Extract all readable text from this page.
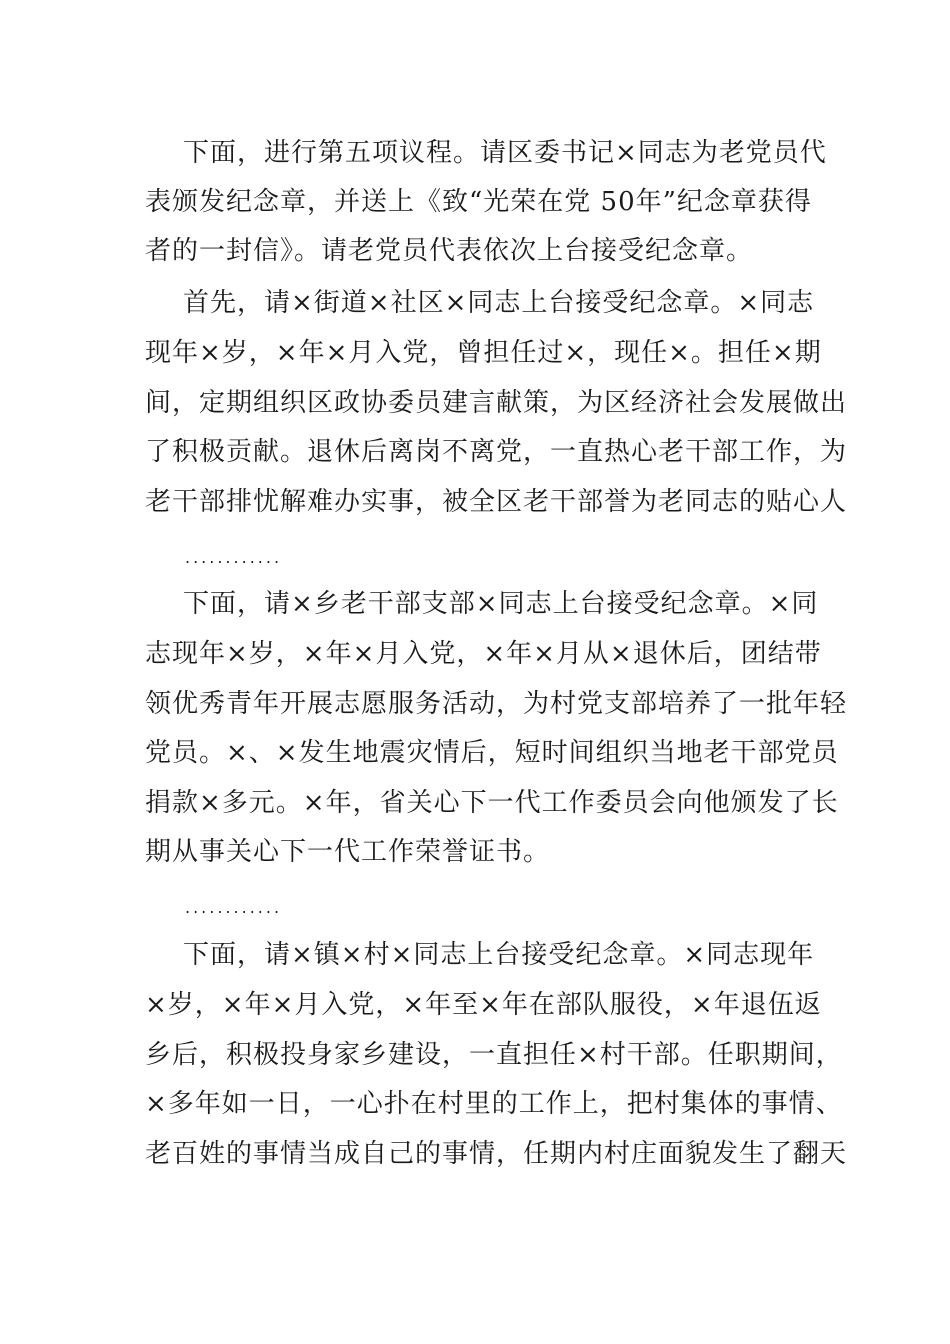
下面，进行第五项议程。请区委书记×同志为老党员代
表颁发纪念章，并送上《致“光荣在党 50年”纪念章获得
者的一封信》。请老党员代表依次上台接受纪念章。
首先，请×街道×社区×同志上台接受纪念章。×同志
现年×岁，×年×月入党，曾担任过×，现任×。担任×期
间，定期组织区政协委员建言献策，为区经济社会发展做出
了积极贡献。退休后离岗不离党，一直热心老干部工作，为
老干部排忧解难办实事，被全区老干部誉为老同志的贴心人
............
下面，请×乡老干部支部×同志上台接受纪念章。×同
志现年×岁，×年×月入党，×年×月从×退休后，团结带
领优秀青年开展志愿服务活动，为村党支部培养了一批年轻
党员。×、×发生地震灾情后，短时间组织当地老干部党员
捐款×多元。×年，省关心下一代工作委员会向他颁发了长
期从事关心下一代工作荣誉证书。
............
下面，请×镇×村×同志上台接受纪念章。×同志现年
×岁，×年×月入党，×年至×年在部队服役，×年退伍返
乡后，积极投身家乡建设，一直担任×村干部。任职期间，
×多年如一日，一心扑在村里的工作上，把村集体的事情、
老百姓的事情当成自己的事情，任期内村庄面貌发生了翻天
